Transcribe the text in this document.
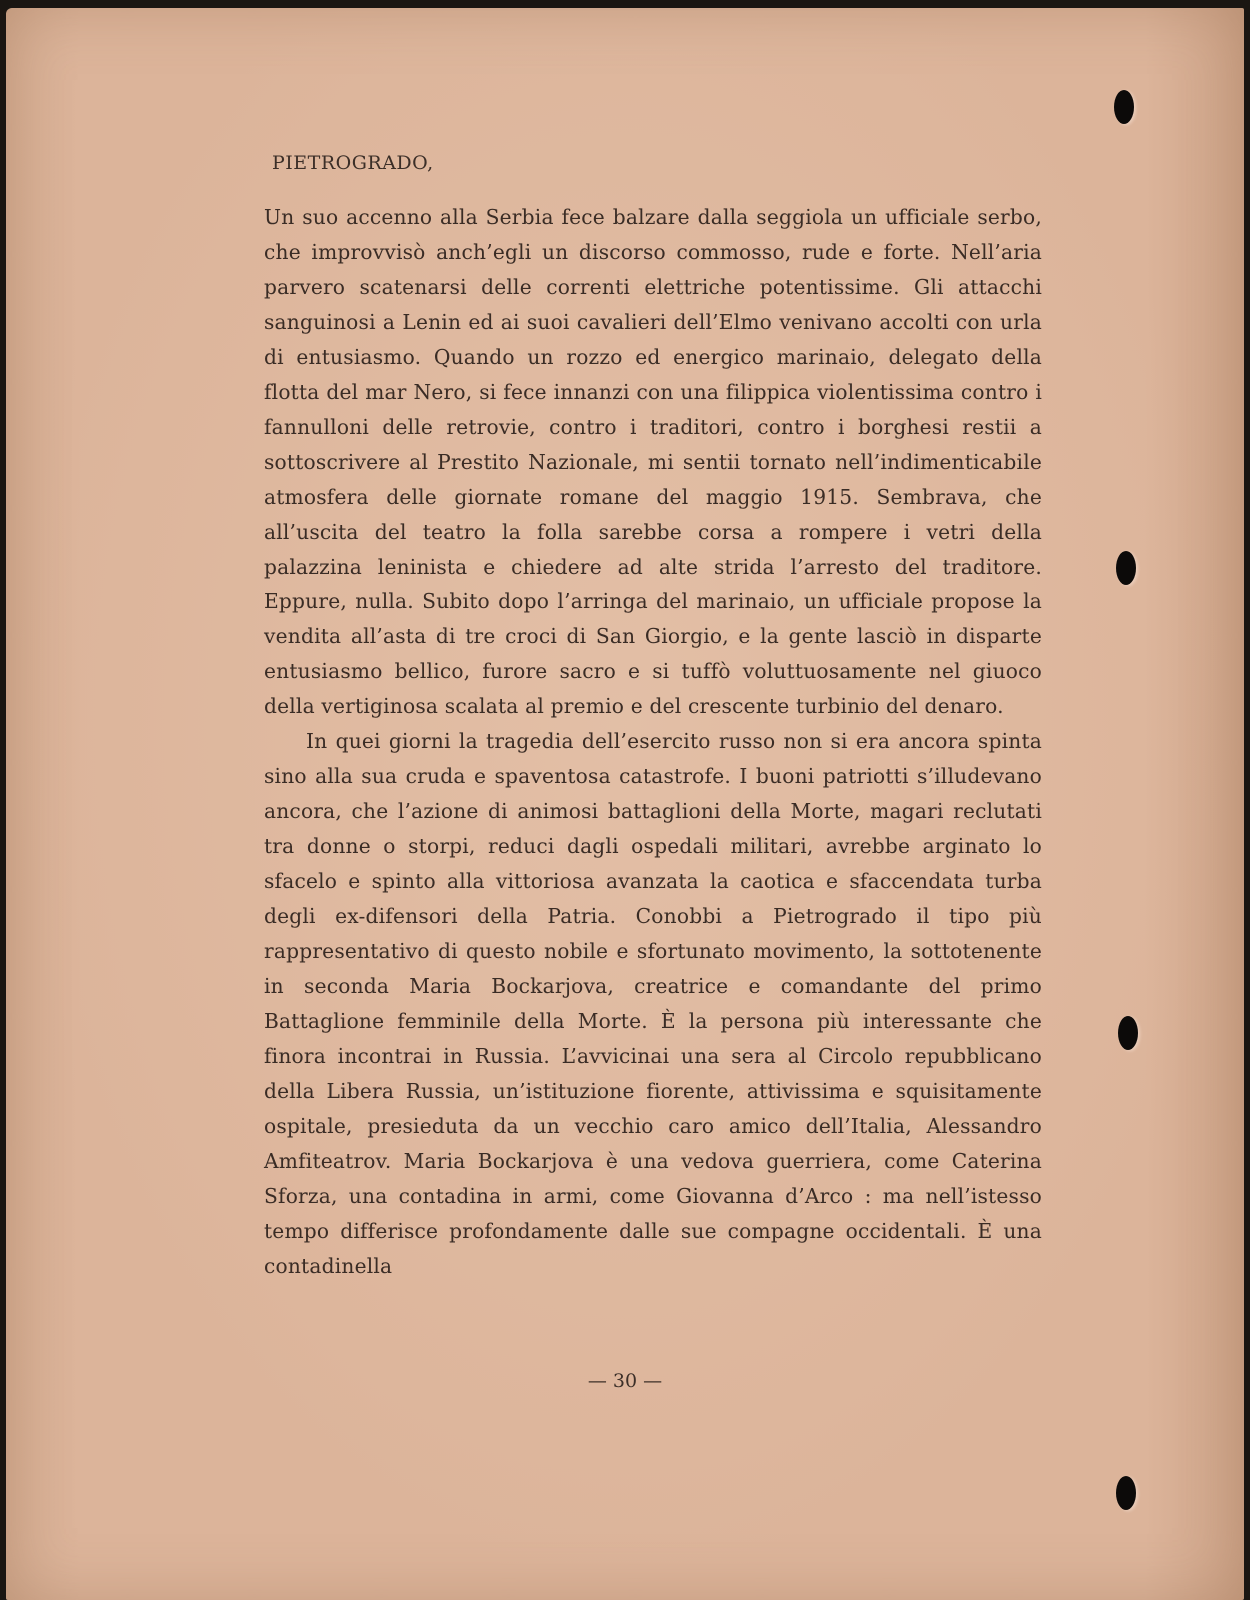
PIETROGRADO,

Un suo accenno alla Serbia fece balzare dalla seggiola un ufficiale serbo, che improvvisò anch’egli un discorso commosso, rude e forte. Nell’aria parvero scatenarsi delle correnti elettriche potentissime. Gli attacchi sanguinosi a Lenin ed ai suoi cavalieri dell’Elmo venivano accolti con urla di entusiasmo. Quando un rozzo ed energico marinaio, delegato della flotta del mar Nero, si fece innanzi con una filippica violentissima contro i fannulloni delle retrovie, contro i traditori, contro i borghesi restii a sottoscrivere al Prestito Nazionale, mi sentii tornato nell’indimenticabile atmosfera delle giornate romane del maggio 1915. Sembrava, che all’uscita del teatro la folla sarebbe corsa a rompere i vetri della palazzina leninista e chiedere ad alte strida l’arresto del traditore. Eppure, nulla. Subito dopo l’arringa del marinaio, un ufficiale propose la vendita all’asta di tre croci di San Giorgio, e la gente lasciò in disparte entusiasmo bellico, furore sacro e si tuffò voluttuosamente nel giuoco della vertiginosa scalata al premio e del crescente turbinio del denaro.

In quei giorni la tragedia dell’esercito russo non si era ancora spinta sino alla sua cruda e spaventosa catastrofe. I buoni patriotti s’illudevano ancora, che l’azione di animosi battaglioni della Morte, magari reclutati tra donne o storpi, reduci dagli ospedali militari, avrebbe arginato lo sfacelo e spinto alla vittoriosa avanzata la caotica e sfaccendata turba degli ex-difensori della Patria. Conobbi a Pietrogrado il tipo più rappresentativo di questo nobile e sfortunato movimento, la sottotenente in seconda Maria Bockarjova, creatrice e comandante del primo Battaglione femminile della Morte. È la persona più interessante che finora incontrai in Russia. L’avvicinai una sera al Circolo repubblicano della Libera Russia, un’istituzione fiorente, attivissima e squisitamente ospitale, presieduta da un vecchio caro amico dell’Italia, Alessandro Amfiteatrov. Maria Bockarjova è una vedova guerriera, come Caterina Sforza, una contadina in armi, come Giovanna d’Arco : ma nell’istesso tempo differisce profondamente dalle sue compagne occidentali. È una contadinella

— 30 —
